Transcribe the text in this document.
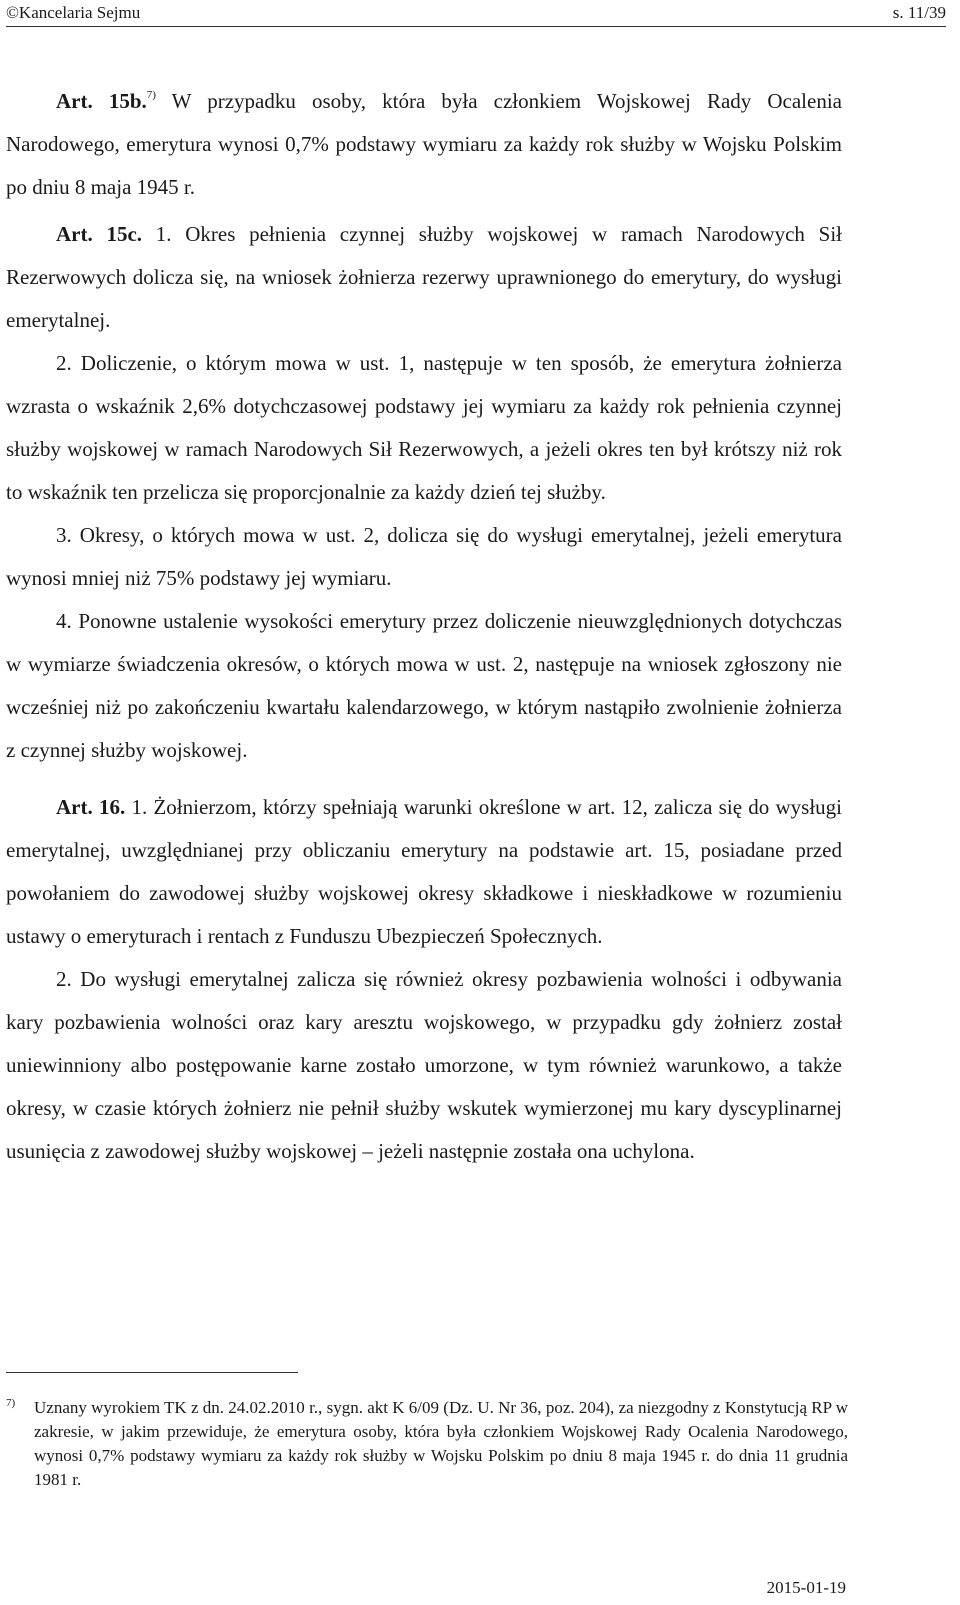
©Kancelaria Sejmu	s. 11/39

Art. 15b.$^{7)}$ W przypadku osoby, która była członkiem Wojskowej Rady Ocalenia Narodowego, emerytura wynosi 0,7% podstawy wymiaru za każdy rok służby w Wojsku Polskim po dniu 8 maja 1945 r.

Art. 15c. 1. Okres pełnienia czynnej służby wojskowej w ramach Narodowych Sił Rezerwowych dolicza się, na wniosek żołnierza rezerwy uprawnionego do emerytury, do wysługi emerytalnej.

2. Doliczenie, o którym mowa w ust. 1, następuje w ten sposób, że emerytura żołnierza wzrasta o wskaźnik 2,6% dotychczasowej podstawy jej wymiaru za każdy rok pełnienia czynnej służby wojskowej w ramach Narodowych Sił Rezerwowych, a jeżeli okres ten był krótszy niż rok to wskaźnik ten przelicza się proporcjonalnie za każdy dzień tej służby.

3. Okresy, o których mowa w ust. 2, dolicza się do wysługi emerytalnej, jeżeli emerytura wynosi mniej niż 75% podstawy jej wymiaru.

4. Ponowne ustalenie wysokości emerytury przez doliczenie nieuwzględnionych dotychczas w wymiarze świadczenia okresów, o których mowa w ust. 2, następuje na wniosek zgłoszony nie wcześniej niż po zakończeniu kwartału kalendarzowego, w którym nastąpiło zwolnienie żołnierza z czynnej służby wojskowej.

Art. 16. 1. Żołnierzom, którzy spełniają warunki określone w art. 12, zalicza się do wysługi emerytalnej, uwzględnianej przy obliczaniu emerytury na podstawie art. 15, posiadane przed powołaniem do zawodowej służby wojskowej okresy składkowe i nieskładkowe w rozumieniu ustawy o emeryturach i rentach z Funduszu Ubezpieczeń Społecznych.

2. Do wysługi emerytalnej zalicza się również okresy pozbawienia wolności i odbywania kary pozbawienia wolności oraz kary aresztu wojskowego, w przypadku gdy żołnierz został uniewinniony albo postępowanie karne zostało umorzone, w tym również warunkowo, a także okresy, w czasie których żołnierz nie pełnił służby wskutek wymierzonej mu kary dyscyplinarnej usunięcia z zawodowej służby wojskowej – jeżeli następnie została ona uchylona.

7) Uznany wyrokiem TK z dn. 24.02.2010 r., sygn. akt K 6/09 (Dz. U. Nr 36, poz. 204), za niezgodny z Konstytucją RP w zakresie, w jakim przewiduje, że emerytura osoby, która była członkiem Wojskowej Rady Ocalenia Narodowego, wynosi 0,7% podstawy wymiaru za każdy rok służby w Wojsku Polskim po dniu 8 maja 1945 r. do dnia 11 grudnia 1981 r.
2015-01-19
